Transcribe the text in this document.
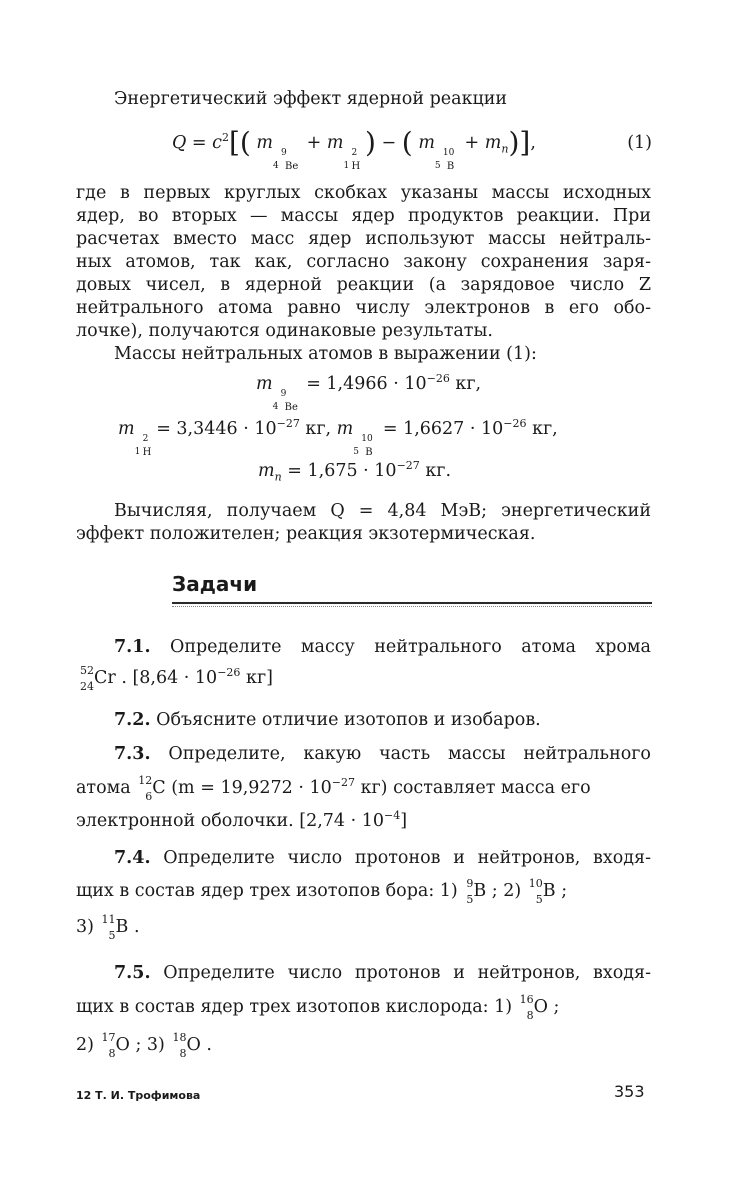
Энергетический эффект ядерной реакции
$Q = c^2$[( m 9
4 Be
+ m 2
1 H
) − ( m 10
5 B
+ $m_n$)],	(1)
где в первых круглых скобках указаны массы исходных
ядер, во вторых — массы ядер продуктов реакции. При
расчетах вместо масс ядер используют массы нейтраль-
ных атомов, так как, согласно закону сохранения заря-
довых чисел, в ядерной реакции (а зарядовое число Z
нейтрального атома равно числу электронов в его обо-
лочке), получаются одинаковые результаты.
Массы нейтральных атомов в выражении (1):
m 9
4 Be
= $1,4966 \cdot 10^{-26}$ кг,
m 2
1 H
= $3,3446 \cdot 10^{-27}$ кг, m 10
5 B
= $1,6627 \cdot 10^{-26}$ кг,
$m_n = 1,675 \cdot 10^{-27}$ кг.
Вычисляя, получаем Q = 4,84 МэВ; энергетический
эффект положителен; реакция экзотермическая.
Задачи
7.1. Определите массу нейтрального атома хрома
52
24 Cr . [$8,64 \cdot 10^{-26}$ кг]
7.2. Объясните отличие изотопов и изобаров.
7.3. Определите, какую часть массы нейтрального
атома 12
6 C ($m = 19,9272 \cdot 10^{-27}$ кг) составляет масса его
электронной оболочки. $[2,74 \cdot 10^{-4}]$
7.4. Определите число протонов и нейтронов, входя-
щих в состав ядер трех изотопов бора: 1) 9
5 B ; 2) 10
5 B ;
3) 11
5 B .
7.5. Определите число протонов и нейтронов, входя-
щих в состав ядер трех изотопов кислорода: 1) 16
8 O ;
2) 17
8 O ; 3) 18
8 O .
12 Т. И. Трофимова	353
